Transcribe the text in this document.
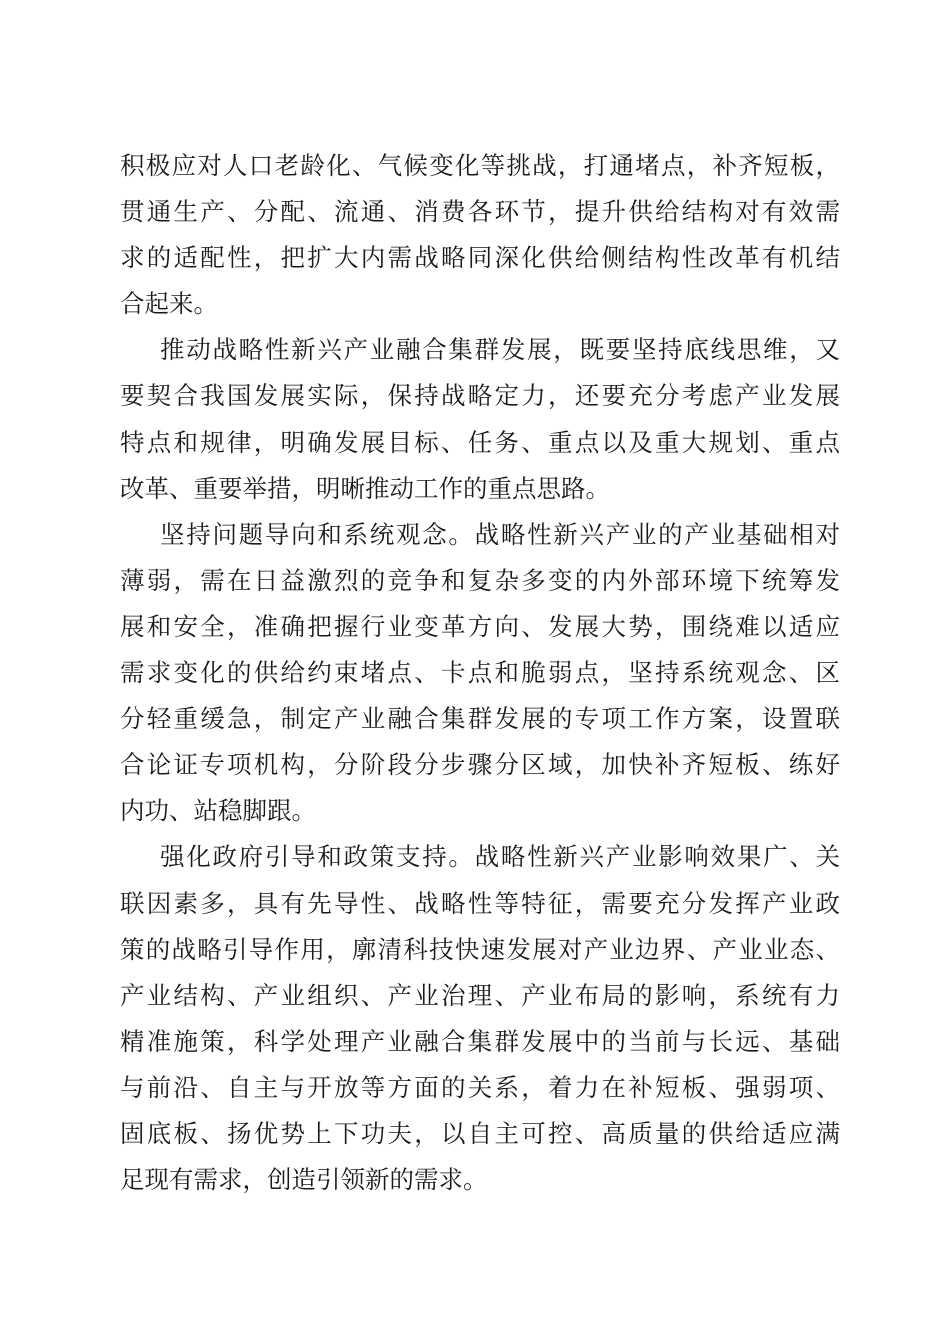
积极应对人口老龄化、气候变化等挑战，打通堵点，补齐短板，
贯通生产、分配、流通、消费各环节，提升供给结构对有效需
求的适配性，把扩大内需战略同深化供给侧结构性改革有机结
合起来。
推动战略性新兴产业融合集群发展，既要坚持底线思维，又
要契合我国发展实际，保持战略定力，还要充分考虑产业发展
特点和规律，明确发展目标、任务、重点以及重大规划、重点
改革、重要举措，明晰推动工作的重点思路。
坚持问题导向和系统观念。战略性新兴产业的产业基础相对
薄弱，需在日益激烈的竞争和复杂多变的内外部环境下统筹发
展和安全，准确把握行业变革方向、发展大势，围绕难以适应
需求变化的供给约束堵点、卡点和脆弱点，坚持系统观念、区
分轻重缓急，制定产业融合集群发展的专项工作方案，设置联
合论证专项机构，分阶段分步骤分区域，加快补齐短板、练好
内功、站稳脚跟。
强化政府引导和政策支持。战略性新兴产业影响效果广、关
联因素多，具有先导性、战略性等特征，需要充分发挥产业政
策的战略引导作用，廓清科技快速发展对产业边界、产业业态、
产业结构、产业组织、产业治理、产业布局的影响，系统有力
精准施策，科学处理产业融合集群发展中的当前与长远、基础
与前沿、自主与开放等方面的关系，着力在补短板、强弱项、
固底板、扬优势上下功夫，以自主可控、高质量的供给适应满
足现有需求，创造引领新的需求。
